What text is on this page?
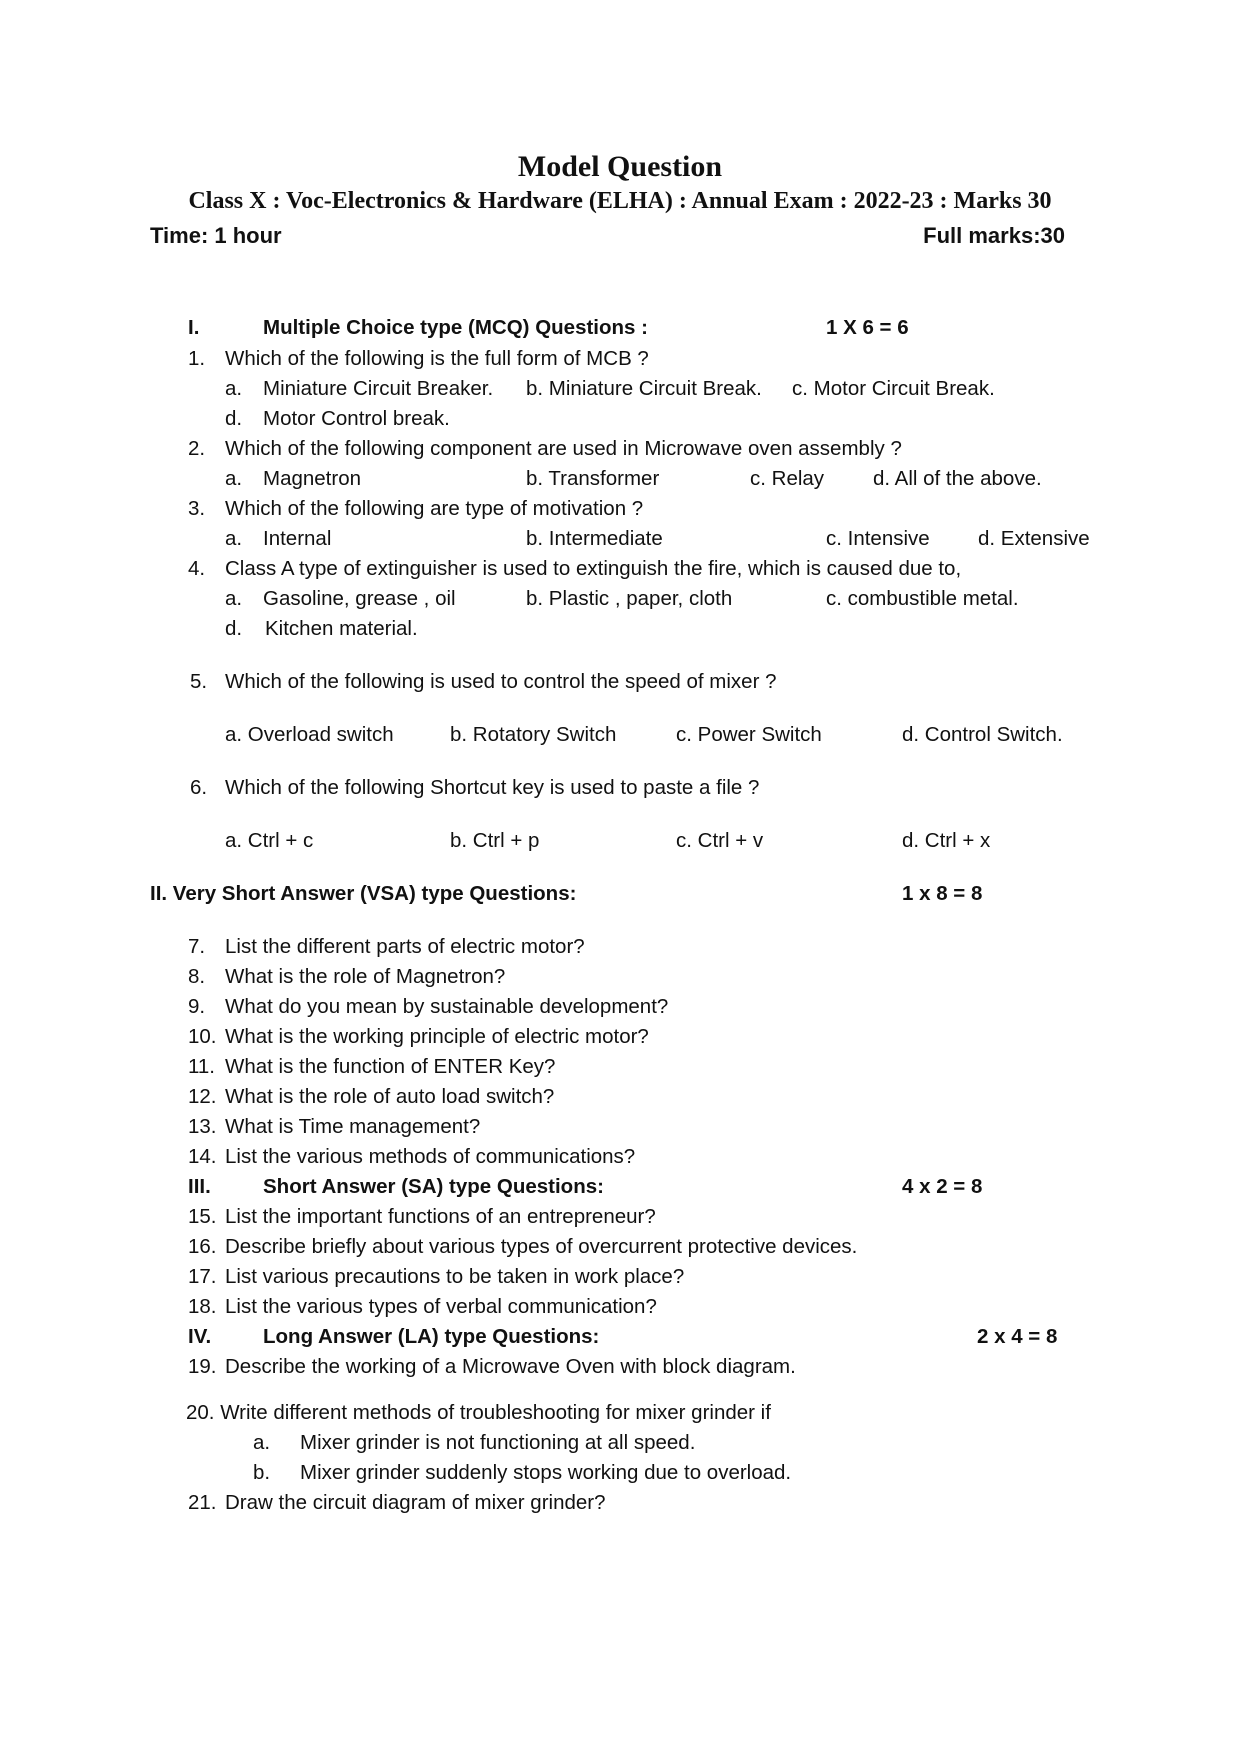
Model Question
Class X : Voc-Electronics & Hardware (ELHA) : Annual Exam : 2022-23 : Marks 30
Time: 1 hour	Full marks:30
I.	Multiple Choice type (MCQ) Questions :	1 X 6 = 6
1. Which of the following is the full form of MCB ?
a. Miniature Circuit Breaker. b. Miniature Circuit Break. c. Motor Circuit Break.
d. Motor Control break.
2. Which of the following component are used in Microwave oven assembly ?
a. Magnetron	b. Transformer	c. Relay d. All of the above.
3. Which of the following are type of motivation ?
a. Internal	b. Intermediate	c. Intensive d. Extensive
4. Class A type of extinguisher is used to extinguish the fire, which is caused due to,
a. Gasoline, grease , oil	b. Plastic , paper, cloth	c. combustible metal.
d. Kitchen material.
5. Which of the following is used to control the speed of mixer ?
a. Overload switch	b. Rotatory Switch	c. Power Switch	d. Control Switch.
6. Which of the following Shortcut key is used to paste a file ?
a. Ctrl + c	b. Ctrl + p	c. Ctrl + v	d. Ctrl + x
II. Very Short Answer (VSA) type Questions:	1 x 8 = 8
7. List the different parts of electric motor?
8. What is the role of Magnetron?
9. What do you mean by sustainable development?
10. What is the working principle of electric motor?
11. What is the function of ENTER Key?
12. What is the role of auto load switch?
13. What is Time management?
14. List the various methods of communications?
III.	Short Answer (SA) type Questions:	4 x 2 = 8
15. List the important functions of an entrepreneur?
16. Describe briefly about various types of overcurrent protective devices.
17. List various precautions to be taken in work place?
18. List the various types of verbal communication?
IV.	Long Answer (LA) type Questions:	2 x 4 = 8
19. Describe the working of a Microwave Oven with block diagram.
20. Write different methods of troubleshooting for mixer grinder if
a. Mixer grinder is not functioning at all speed.
b. Mixer grinder suddenly stops working due to overload.
21. Draw the circuit diagram of mixer grinder?
